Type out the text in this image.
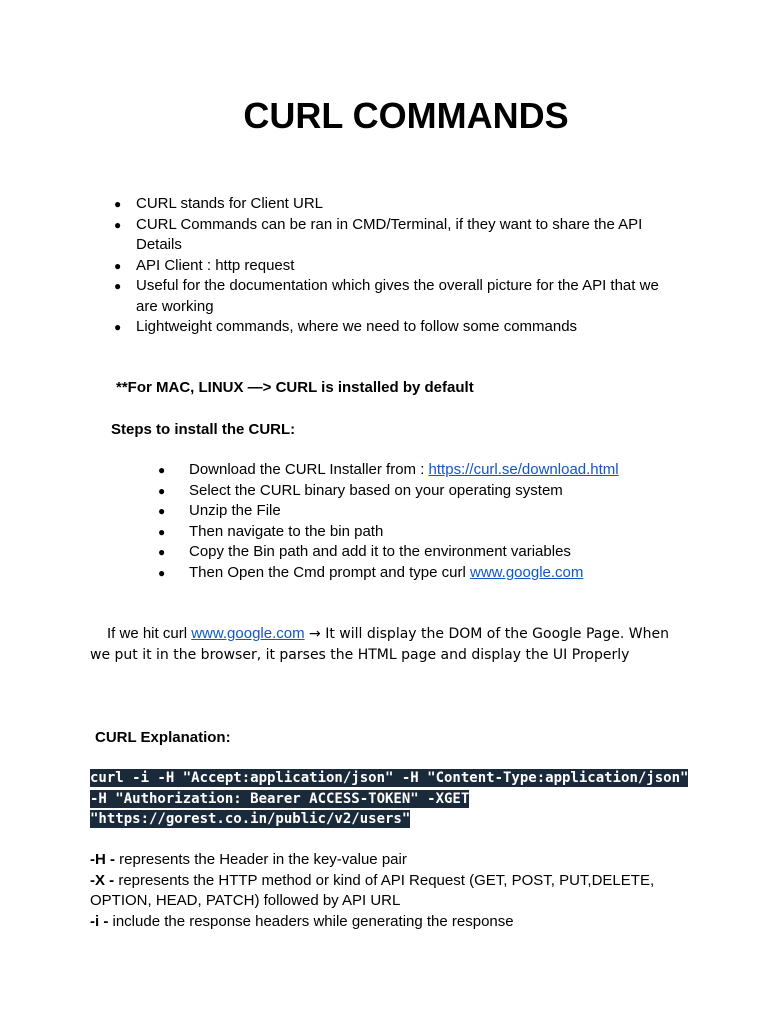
CURL COMMANDS
● CURL stands for Client URL
● CURL Commands can be ran in CMD/Terminal, if they want to share the API Details
● API Client : http request
● Useful for the documentation which gives the overall picture for the API that we are working
● Lightweight commands, where we need to follow some commands

**For MAC, LINUX —> CURL is installed by default

Steps to install the CURL:

● Download the CURL Installer from : https://curl.se/download.html
● Select the CURL binary based on your operating system
● Unzip the File
● Then navigate to the bin path
● Copy the Bin path and add it to the environment variables
● Then Open the Cmd prompt and type curl www.google.com

If we hit curl www.google.com → It will display the DOM of the Google Page. When we put it in the browser, it parses the HTML page and display the UI Properly

CURL Explanation:

curl -i -H "Accept:application/json" -H "Content-Type:application/json" -H "Authorization: Bearer ACCESS-TOKEN" -XGET "https://gorest.co.in/public/v2/users"

-H - represents the Header in the key-value pair
-X - represents the HTTP method or kind of API Request (GET, POST, PUT,DELETE, OPTION, HEAD, PATCH) followed by API URL
-i - include the response headers while generating the response
